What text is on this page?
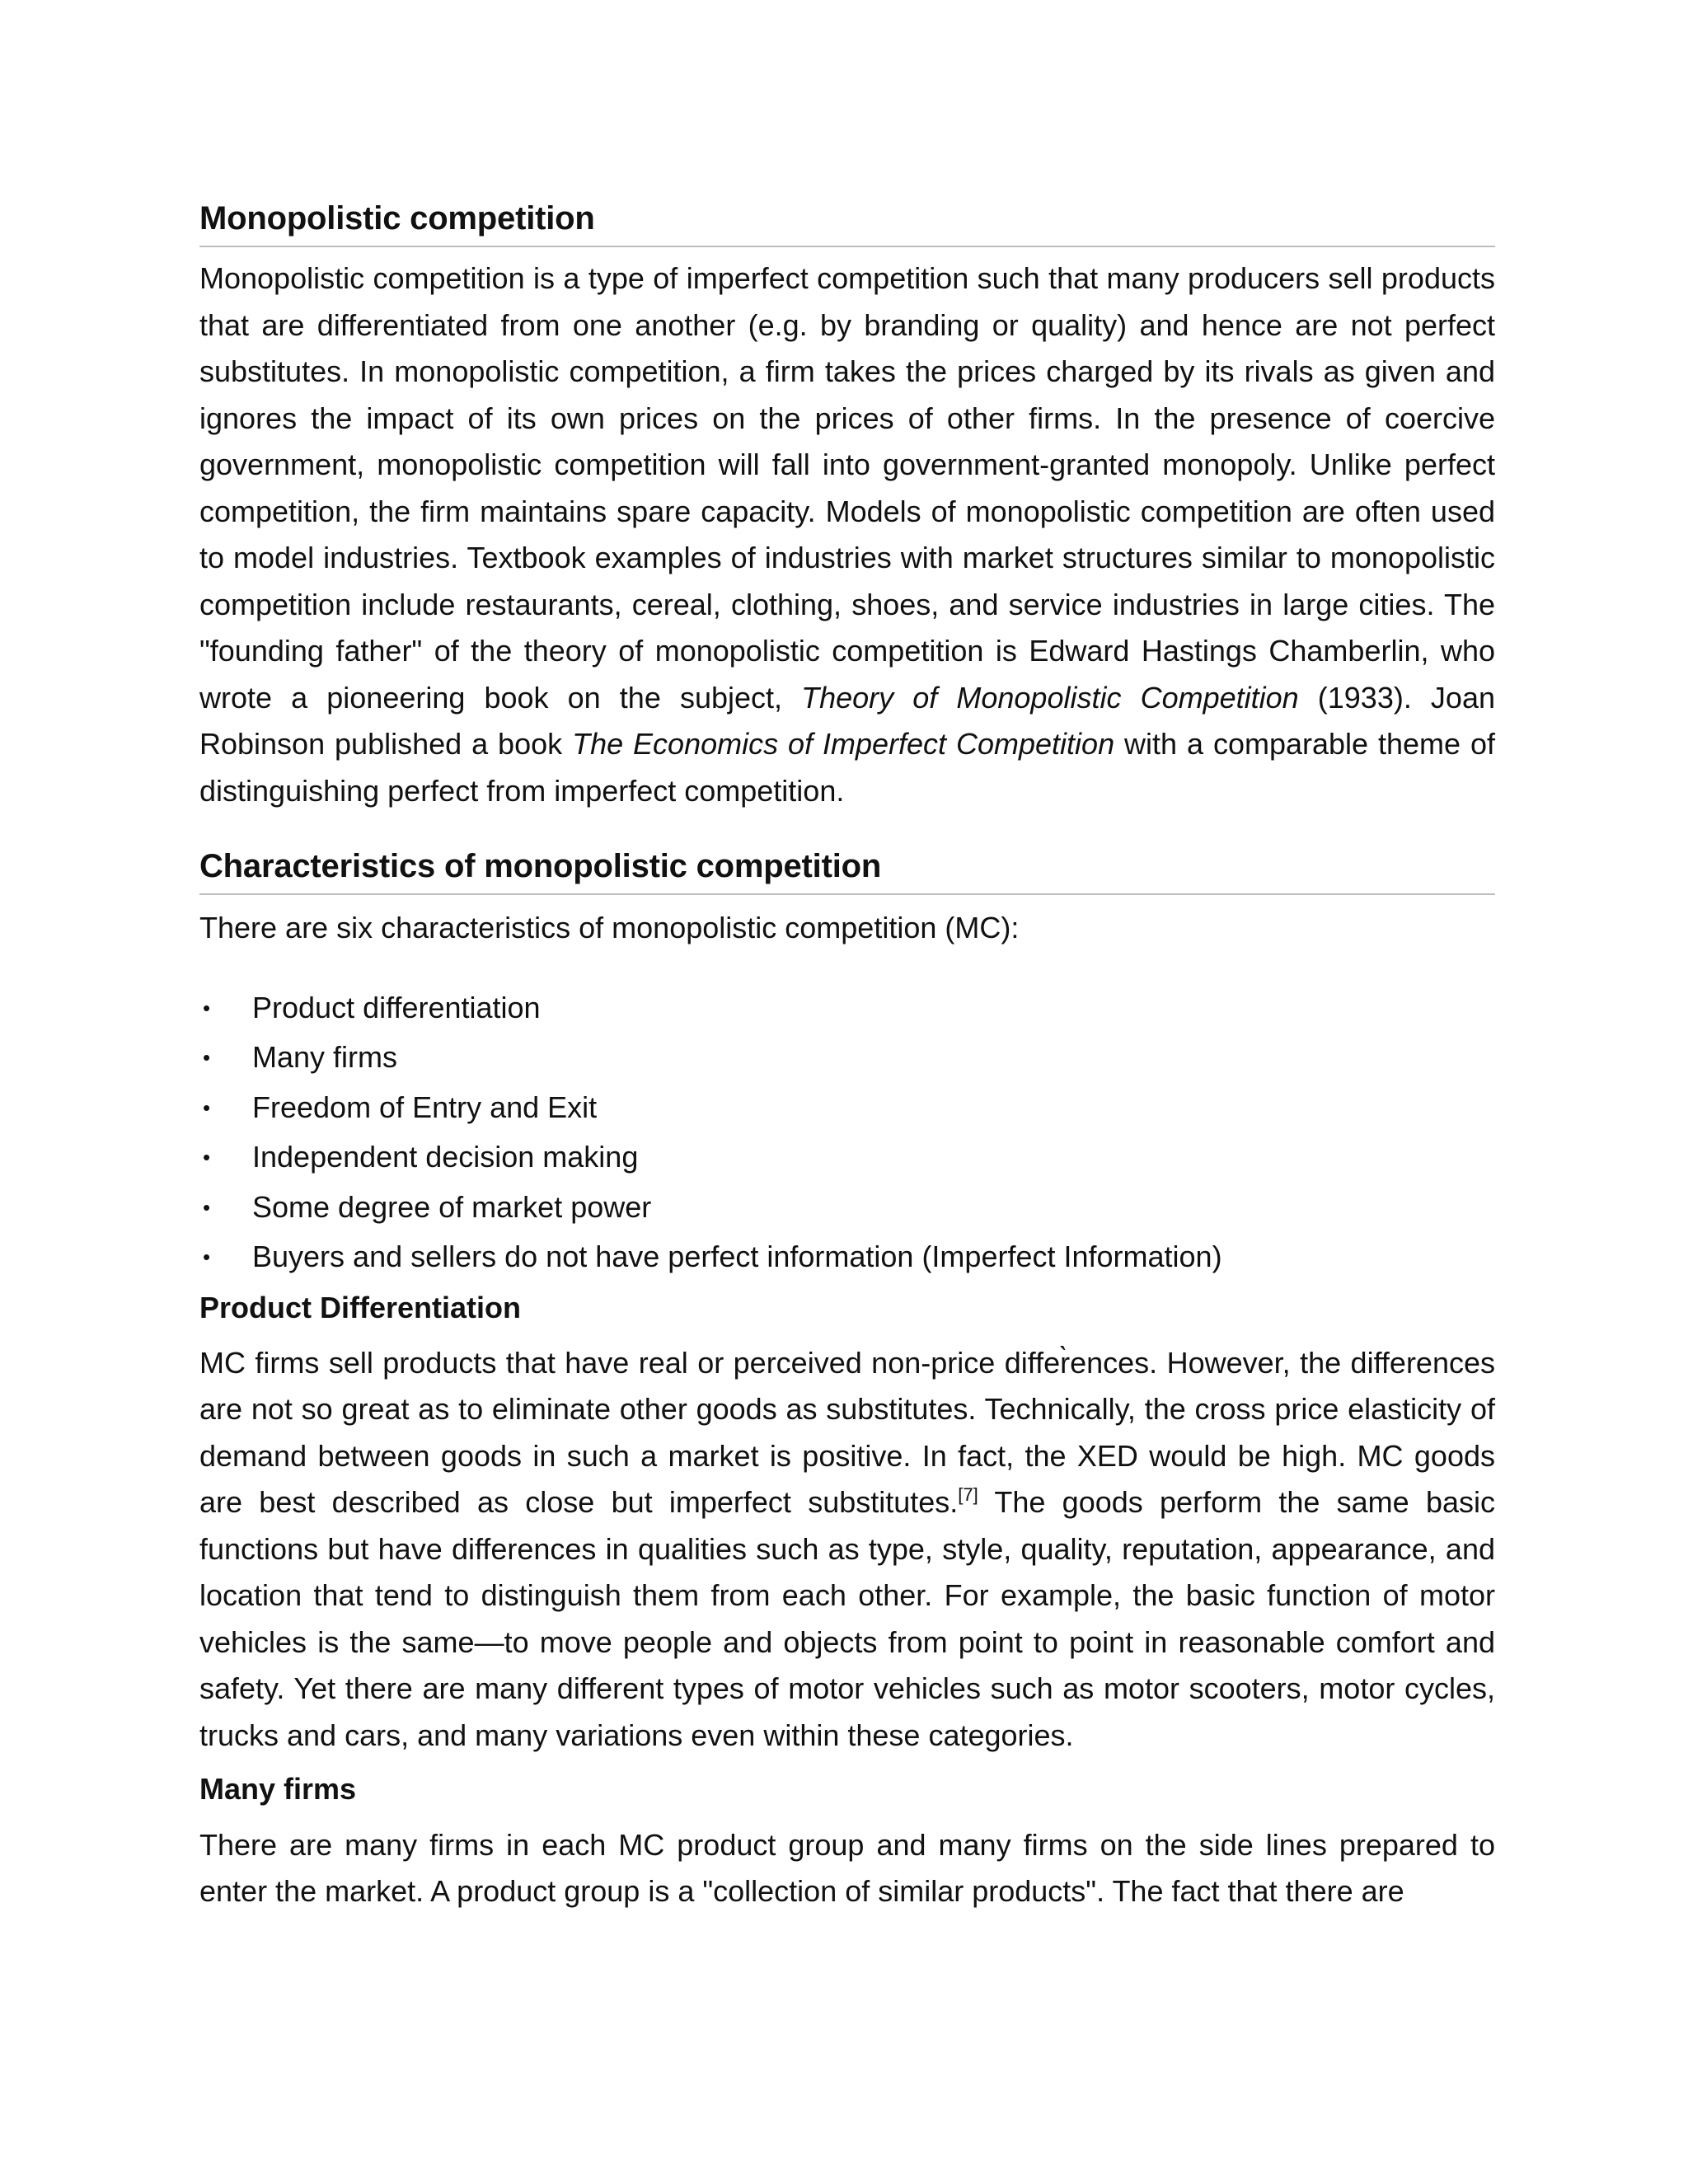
Monopolistic competition

Monopolistic competition is a type of imperfect competition such that many producers sell products that are differentiated from one another (e.g. by branding or quality) and hence are not perfect substitutes. In monopolistic competition, a firm takes the prices charged by its rivals as given and ignores the impact of its own prices on the prices of other firms. In the presence of coercive government, monopolistic competition will fall into government-granted monopoly. Unlike perfect competition, the firm maintains spare capacity. Models of monopolistic competition are often used to model industries. Textbook examples of industries with market structures similar to monopolistic competition include restaurants, cereal, clothing, shoes, and service industries in large cities. The "founding father" of the theory of monopolistic competition is Edward Hastings Chamberlin, who wrote a pioneering book on the subject, Theory of Monopolistic Competition (1933). Joan Robinson published a book The Economics of Imperfect Competition with a comparable theme of distinguishing perfect from imperfect competition.

Characteristics of monopolistic competition

There are six characteristics of monopolistic competition (MC):

• Product differentiation
• Many firms
• Freedom of Entry and Exit
• Independent decision making
• Some degree of market power
• Buyers and sellers do not have perfect information (Imperfect Information)
Product Differentiation

MC firms sell products that have real or perceived non-price differ̀ences. However, the differences are not so great as to eliminate other goods as substitutes. Technically, the cross price elasticity of demand between goods in such a market is positive. In fact, the XED would be high. MC goods are best described as close but imperfect substitutes.[7] The goods perform the same basic functions but have differences in qualities such as type, style, quality, reputation, appearance, and location that tend to distinguish them from each other. For example, the basic function of motor vehicles is the same—to move people and objects from point to point in reasonable comfort and safety. Yet there are many different types of motor vehicles such as motor scooters, motor cycles, trucks and cars, and many variations even within these categories.

Many firms

There are many firms in each MC product group and many firms on the side lines prepared to enter the market. A product group is a "collection of similar products". The fact that there are
